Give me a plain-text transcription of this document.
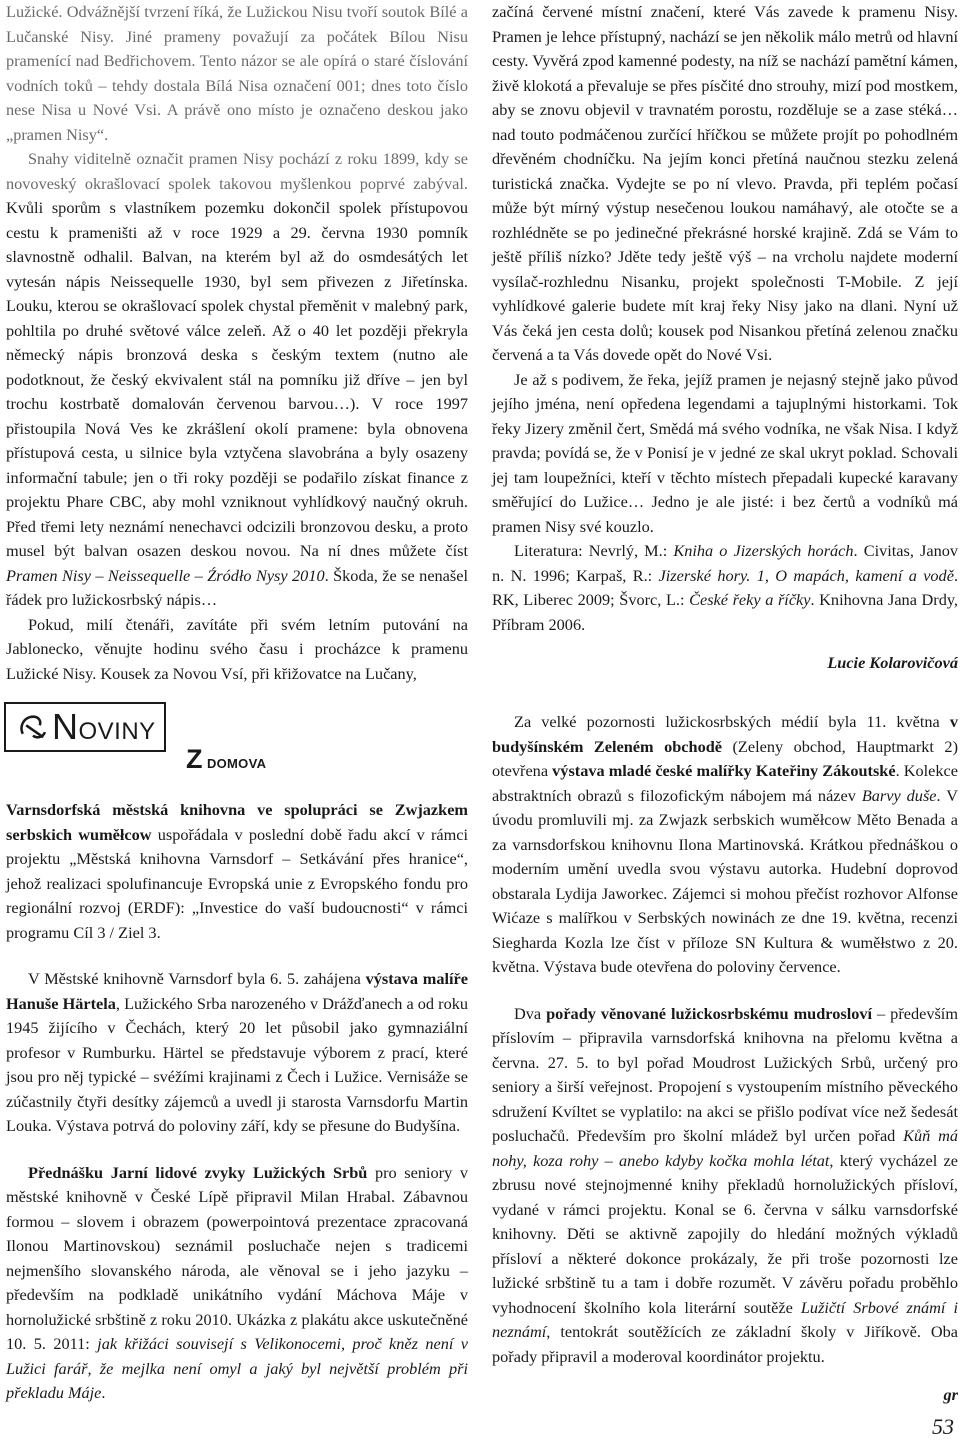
Lužické. Odvážnější tvrzení říká, že Lužickou Nisu tvoří soutok Bílé a Lučanské Nisy. Jiné prameny považují za počátek Bílou Nisu pramenící nad Bedřichovem. Tento názor se ale opírá o staré číslování vodních toků – tehdy dostala Bílá Nisa označení 001; dnes toto číslo nese Nisa u Nové Vsi. A právě ono místo je označeno deskou jako „pramen Nisy“.

Snahy viditelně označit pramen Nisy pochází z roku 1899, kdy se novoveský okrašlovací spolek takovou myšlenkou poprvé zabýval. Kvůli sporům s vlastníkem pozemku dokončil spolek přístupovou cestu k prameništi až v roce 1929 a 29. června 1930 pomník slavnostně odhalil. Balvan, na kterém byl až do osmdesátých let vytesán nápis Neissequelle 1930, byl sem přivezen z Jiřetínska. Louku, kterou se okrašlovací spolek chystal přeměnit v malebný park, pohltila po druhé světové válce zeleň. Až o 40 let později překryla německý nápis bronzová deska s českým textem (nutno ale podotknout, že český ekvivalent stál na pomníku již dříve – jen byl trochu kostrbatě domalován červenou barvou…). V roce 1997 přistoupila Nová Ves ke zkrášlení okolí pramene: byla obnovena přístupová cesta, u silnice byla vztyčena slavobrána a byly osazeny informační tabule; jen o tři roky později se podařilo získat finance z projektu Phare CBC, aby mohl vzniknout vyhlídkový naučný okruh. Před třemi lety neznámí nenechavci odcizili bronzovou desku, a proto musel být balvan osazen deskou novou. Na ní dnes můžete číst Pramen Nisy – Neissequelle – Źródło Nysy 2010. Škoda, že se nenašel řádek pro lužickosrbský nápis…

Pokud, milí čtenáři, zavítáte při svém letním putování na Jablonecko, věnujte hodinu svého času i procházce k pramenu Lužické Nisy. Kousek za Novou Vsí, při křižovatce na Lučany,

začíná červené místní značení, které Vás zavede k pramenu Nisy. Pramen je lehce přístupný, nachází se jen několik málo metrů od hlavní cesty. Vyvěrá zpod kamenné podesty, na níž se nachází pamětní kámen, živě klokotá a převaluje se přes písčité dno strouhy, mizí pod mostkem, aby se znovu objevil v travnatém porostu, rozděluje se a zase stéká… nad touto podmáčenou zurčící hříčkou se můžete projít po pohodlném dřevěném chodníčku. Na jejím konci přetíná naučnou stezku zelená turistická značka. Vydejte se po ní vlevo. Pravda, při teplém počasí může být mírný výstup nesečenou loukou namáhavý, ale otočte se a rozhlédněte se po jedinečné překrásné horské krajině. Zdá se Vám to ještě příliš nízko? Jděte tedy ještě výš – na vrcholu najdete moderní vysílač-rozhlednu Nisanku, projekt společnosti T-Mobile. Z její vyhlídkové galerie budete mít kraj řeky Nisy jako na dlani. Nyní už Vás čeká jen cesta dolů; kousek pod Nisankou přetíná zelenou značku červená a ta Vás dovede opět do Nové Vsi.

Je až s podivem, že řeka, jejíž pramen je nejasný stejně jako původ jejího jména, není opředena legendami a tajuplnými historkami. Tok řeky Jizery změnil čert, Smědá má svého vodníka, ne však Nisa. I když pravda; povídá se, že v Ponisí je v jedné ze skal ukryt poklad. Schovali jej tam loupežníci, kteří v těchto místech přepadali kupecké karavany směřující do Lužice… Jedno je ale jisté: i bez čertů a vodníků má pramen Nisy své kouzlo.

Literatura: Nevrlý, M.: Kniha o Jizerských horách. Civitas, Janov n. N. 1996; Karpaš, R.: Jizerské hory. 1, O mapách, kamení a vodě. RK, Liberec 2009; Švorc, L.: České řeky a říčky. Knihovna Jana Drdy, Příbram 2006.

Lucie Kolarovičová

NOVINY
Z DOMOVA

Varnsdorfská městská knihovna ve spolupráci se Zwjazkem serbskich wuměłcow uspořádala v poslední době řadu akcí v rámci projektu „Městská knihovna Varnsdorf – Setkávání přes hranice“, jehož realizaci spolufinancuje Evropská unie z Evropského fondu pro regionální rozvoj (ERDF): „Investice do vaší budoucnosti“ v rámci programu Cíl 3 / Ziel 3.

V Městské knihovně Varnsdorf byla 6. 5. zahájena výstava malíře Hanuše Härtela, Lužického Srba narozeného v Drážďanech a od roku 1945 žijícího v Čechách, který 20 let působil jako gymnaziální profesor v Rumburku. Härtel se představuje výborem z prací, které jsou pro něj typické – svéžími krajinami z Čech i Lužice. Vernisáže se zúčastnily čtyři desítky zájemců a uvedl ji starosta Varnsdorfu Martin Louka. Výstava potrvá do poloviny září, kdy se přesune do Budyšína.

Přednášku Jarní lidové zvyky Lužických Srbů pro seniory v městské knihovně v České Lípě připravil Milan Hrabal. Zábavnou formou – slovem i obrazem (powerpointová prezentace zpracovaná Ilonou Martinovskou) seznámil posluchače nejen s tradicemi nejmenšího slovanského národa, ale věnoval se i jeho jazyku – především na podkladě unikátního vydání Máchova Máje v hornolužické srbštině z roku 2010. Ukázka z plakátu akce uskutečněné 10. 5. 2011: jak křižáci souvisejí s Velikonocemi, proč kněz není v Lužici farář, že mejlka není omyl a jaký byl největší problém při překladu Máje.

Za velké pozornosti lužickosrbských médií byla 11. května v budyšínském Zeleném obchodě (Zeleny obchod, Hauptmarkt 2) otevřena výstava mladé české malířky Kateřiny Zákoutské. Kolekce abstraktních obrazů s filozofickým nábojem má název Barvy duše. V úvodu promluvili mj. za Zwjazk serbskich wuměłcow Měto Benada a za varnsdorfskou knihovnu Ilona Martinovská. Krátkou přednáškou o moderním umění uvedla svou výstavu autorka. Hudební doprovod obstarala Lydija Jaworkec. Zájemci si mohou přečíst rozhovor Alfonse Wićaze s malířkou v Serbských nowinách ze dne 19. května, recenzi Siegharda Kozla lze číst v příloze SN Kultura & wuměłstwo z 20. května. Výstava bude otevřena do poloviny července.

Dva pořady věnované lužickosrbskému mudrosloví – především příslovím – připravila varnsdorfská knihovna na přelomu května a června. 27. 5. to byl pořad Moudrost Lužických Srbů, určený pro seniory a širší veřejnost. Propojení s vystoupením místního pěveckého sdružení Kvíltet se vyplatilo: na akci se přišlo podívat více než šedesát posluchačů. Především pro školní mládež byl určen pořad Kůň má nohy, koza rohy – anebo kdyby kočka mohla létat, který vycházel ze zbrusu nové stejnojmenné knihy překladů hornolužických přísloví, vydané v rámci projektu. Konal se 6. června v sálku varnsdorfské knihovny. Děti se aktivně zapojily do hledání možných výkladů přísloví a některé dokonce prokázaly, že při troše pozornosti lze lužické srbštině tu a tam i dobře rozumět. V závěru pořadu proběhlo vyhodnocení školního kola literární soutěže Lužičtí Srbové známí i neznámí, tentokrát soutěžících ze základní školy v Jiříkově. Oba pořady připravil a moderoval koordinátor projektu.

gr

53
